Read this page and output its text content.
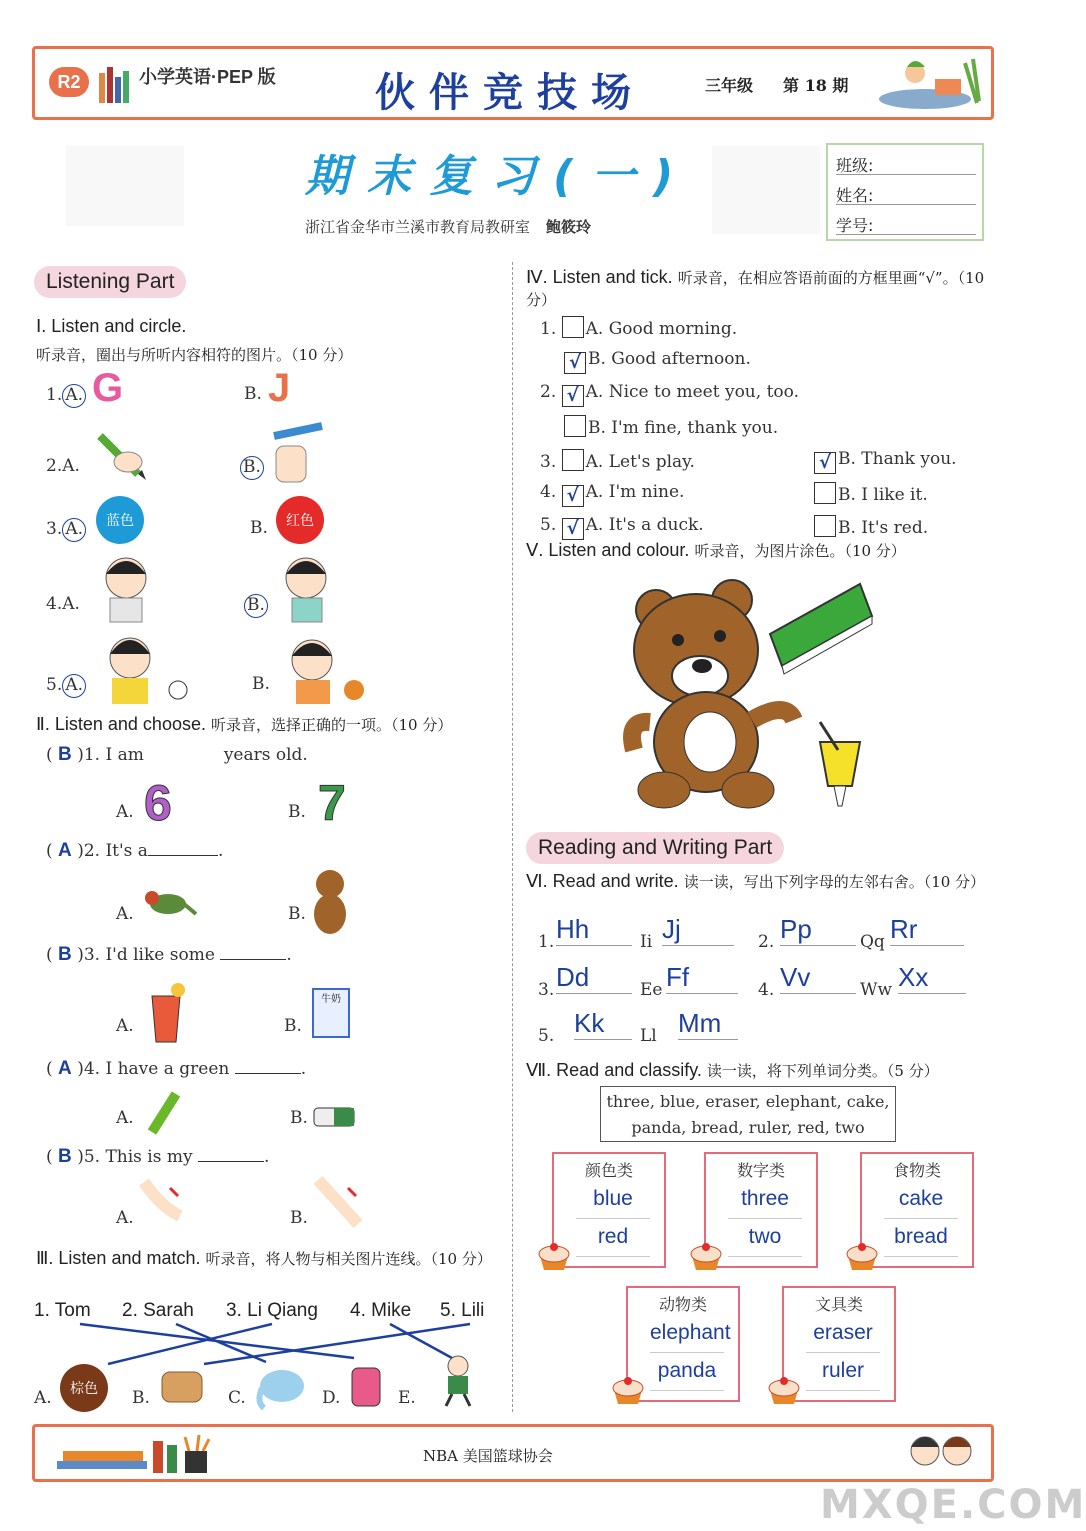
R2	小学英语·PEP 版 伙伴竞技场	三年级 第 18 期
期末复习(一)
浙江省金华市兰溪市教育局教研室 鲍筱玲
班级:
姓名:
学号:
Listening Part
Ⅰ. Listen and circle. 听录音，圈出与所听内容相符的图片。（10 分）
1. A. G	B. J
2.A.	B.
3. A.	蓝色	B.	红色
4.A.	B.
5. A.	B.
Ⅱ. Listen and choose. 听录音，选择正确的一项。（10 分）
( B )1. I am	years old.
A. 6	B. 7
( A )2. It's a	.
A.	B.
( B )3. I'd like some	.
A.	B.
牛奶
( A )4. I have a green	.
A.	B.
( B )5. This is my	.
A.	B.
Ⅲ. Listen and match. 听录音，将人物与相关图片连线。（10 分）
1. Tom 2. Sarah 3. Li Qiang 4. Mike 5. Lili
A.	棕色	B.	C.	D.	E.
Ⅳ. Listen and tick. 听录音，在相应答语前面的方框里画“√”。（10 分）
1. A. Good morning.
√ B. Good afternoon.
2. √ A. Nice to meet you, too.
B. I'm fine, thank you.
3. A. Let's play.	√ B. Thank you.
4. √ A. I'm nine.	B. I like it.
5. √ A. It's a duck.	B. It's red.
Ⅴ. Listen and colour. 听录音，为图片涂色。（10 分）
Reading and Writing Part
Ⅵ. Read and write. 读一读，写出下列字母的左邻右舍。（10 分）
1. Hh	Ii Jj	2. Pp	Qq Rr
3. Dd	Ee Ff	4. Vv	Ww Xx
5. Kk	Ll Mm
Ⅶ. Read and classify. 读一读，将下列单词分类。（5 分）
three, blue, eraser, elephant, cake,
panda, bread, ruler, red, two
颜色类
blue
red
数字类
three
two
食物类
cake
bread
动物类
elephant
panda
文具类
eraser
ruler
NBA 美国篮球协会
MXQE.COM
